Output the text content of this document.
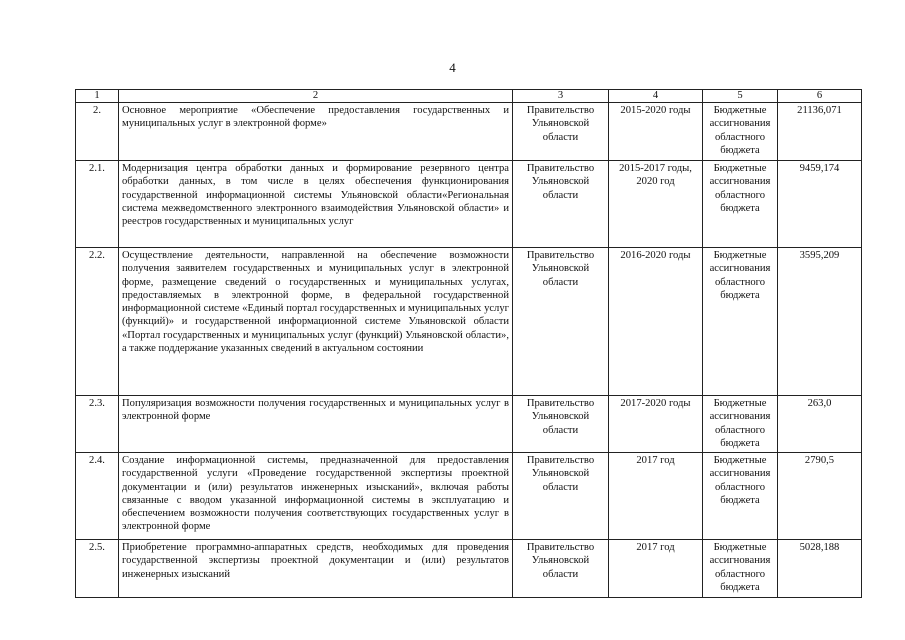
4
1	2	3	4	5	6
2.	Основное мероприятие «Обеспечение предоставления государственных и муниципальных услуг в электронной форме»	Правительство Ульяновской области	2015-2020 годы	Бюджетные ассигнования областного бюджета	21136,071
2.1.	Модернизация центра обработки данных и формирование резервного центра обработки данных, в том числе в целях обеспечения функционирования государственной информационной системы Ульяновской области«Региональная система межведомственного электронного взаимодействия Ульяновской области» и реестров государственных и муниципальных услуг	Правительство Ульяновской области	2015-2017 годы, 2020 год	Бюджетные ассигнования областного бюджета	9459,174
2.2.	Осуществление деятельности, направленной на обеспечение возможности получения заявителем государственных и муниципальных услуг в электронной форме, размещение сведений о государственных и муниципальных услугах, предоставляемых в электронной форме, в федеральной государственной информационной системе «Единый портал государственных и муниципальных услуг (функций)» и государственной информационной системе Ульяновской области «Портал государственных и муниципальных услуг (функций) Ульяновской области», а также поддержание указанных сведений в актуальном состоянии	Правительство Ульяновской области	2016-2020 годы	Бюджетные ассигнования областного бюджета	3595,209
2.3.	Популяризация возможности получения государственных и муниципальных услуг в электронной форме	Правительство Ульяновской области	2017-2020 годы	Бюджетные ассигнования областного бюджета	263,0
2.4.	Создание информационной системы, предназначенной для предоставления государственной услуги «Проведение государственной экспертизы проектной документации и (или) результатов инженерных изысканий», включая работы связанные с вводом указанной информационной системы в эксплуатацию и обеспечением возможности получения соответствующих государственных услуг в электронной форме	Правительство Ульяновской области	2017 год	Бюджетные ассигнования областного бюджета	2790,5
2.5.	Приобретение программно-аппаратных средств, необходимых для проведения государственной экспертизы проектной документации и (или) результатов инженерных изысканий	Правительство Ульяновской области	2017 год	Бюджетные ассигнования областного бюджета	5028,188
